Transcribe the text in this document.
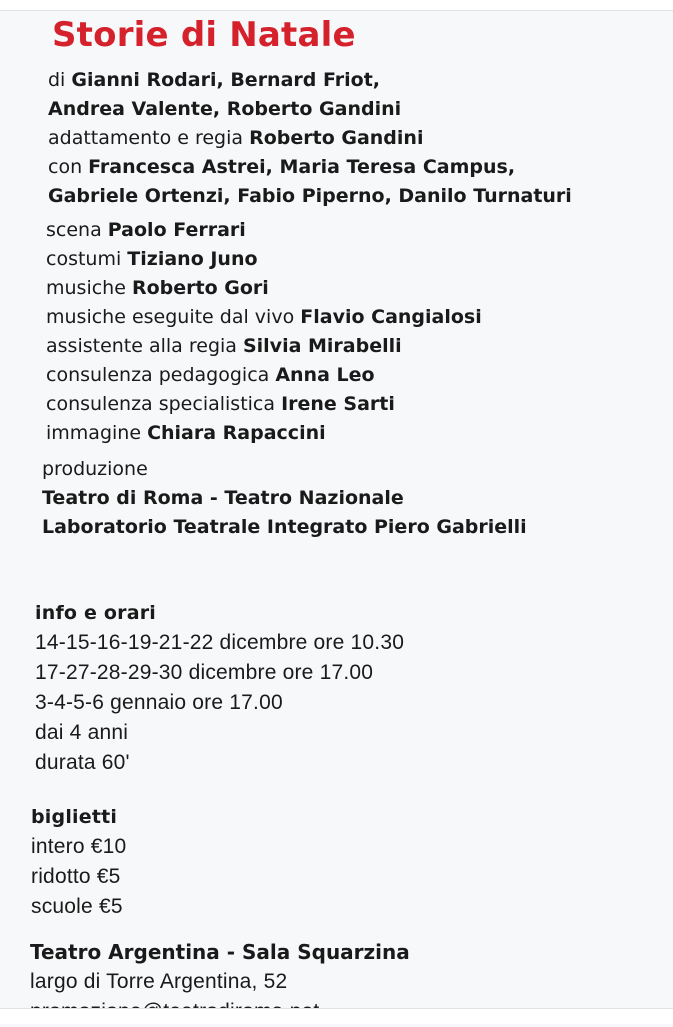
Storie di Natale
di Gianni Rodari, Bernard Friot,
Andrea Valente, Roberto Gandini
adattamento e regia Roberto Gandini
con Francesca Astrei, Maria Teresa Campus,
Gabriele Ortenzi, Fabio Piperno, Danilo Turnaturi
scena Paolo Ferrari
costumi Tiziano Juno
musiche Roberto Gori
musiche eseguite dal vivo Flavio Cangialosi
assistente alla regia Silvia Mirabelli
consulenza pedagogica Anna Leo
consulenza specialistica Irene Sarti
immagine Chiara Rapaccini
produzione
Teatro di Roma - Teatro Nazionale
Laboratorio Teatrale Integrato Piero Gabrielli
info e orari
14-15-16-19-21-22 dicembre ore 10.30
17-27-28-29-30 dicembre ore 17.00
3-4-5-6 gennaio ore 17.00
dai 4 anni
durata 60'
biglietti
intero €10
ridotto €5
scuole €5
Teatro Argentina - Sala Squarzina
largo di Torre Argentina, 52
